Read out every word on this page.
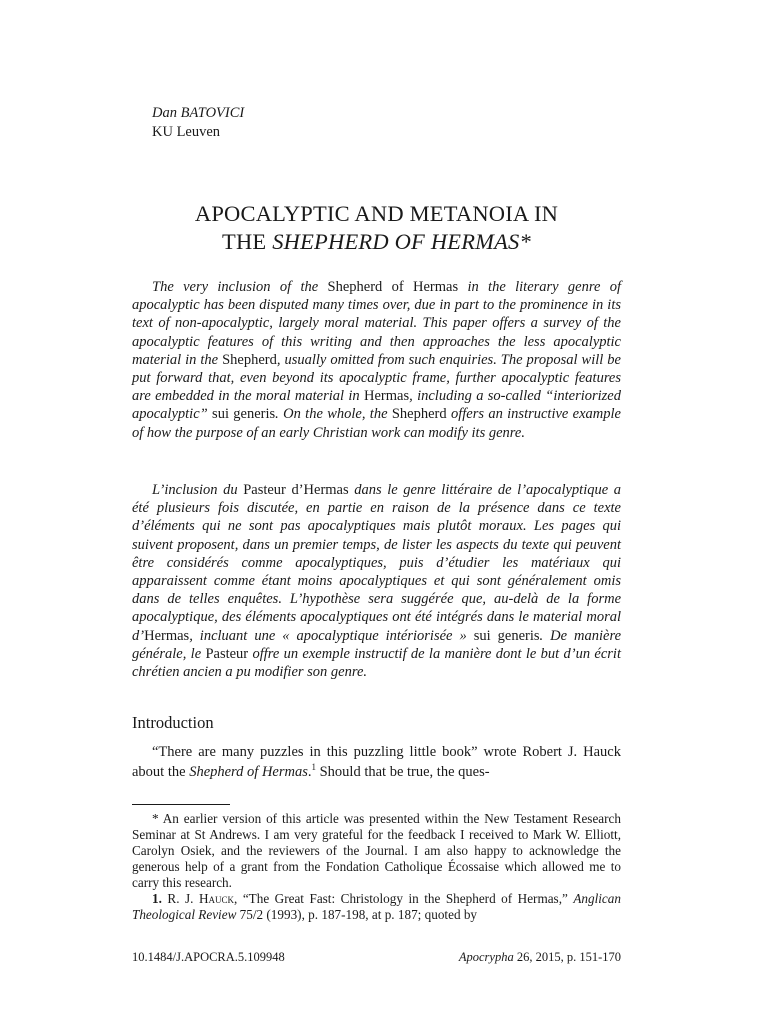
Dan BATOVICI
KU Leuven
APOCALYPTIC AND METANOIA IN
THE SHEPHERD OF HERMAS*

The very inclusion of the Shepherd of Hermas in the literary genre of apocalyptic has been disputed many times over, due in part to the prominence in its text of non-apocalyptic, largely moral material. This paper offers a survey of the apocalyptic features of this writing and then approaches the less apocalyptic material in the Shepherd, usually omitted from such enquiries. The proposal will be put forward that, even beyond its apocalyptic frame, further apocalyptic features are embedded in the moral material in Hermas, including a so-called “interiorized apocalyptic” sui generis. On the whole, the Shepherd offers an instructive example of how the purpose of an early Christian work can modify its genre.

L’inclusion du Pasteur d’Hermas dans le genre littéraire de l’apocalyptique a été plusieurs fois discutée, en partie en raison de la présence dans ce texte d’éléments qui ne sont pas apocalyptiques mais plutôt moraux. Les pages qui suivent proposent, dans un premier temps, de lister les aspects du texte qui peuvent être considérés comme apocalyptiques, puis d’étudier les matériaux qui apparaissent comme étant moins apocalyptiques et qui sont généralement omis dans de telles enquêtes. L’hypothèse sera suggérée que, au-delà de la forme apocalyptique, des éléments apocalyptiques ont été intégrés dans le material moral d’Hermas, incluant une « apocalyptique intériorisée » sui generis. De manière générale, le Pasteur offre un exemple instructif de la manière dont le but d’un écrit chrétien ancien a pu modifier son genre.

Introduction

“There are many puzzles in this puzzling little book” wrote Robert J. Hauck about the Shepherd of Hermas.$^1$ Should that be true, the ques-

* An earlier version of this article was presented within the New Testament Research Seminar at St Andrews. I am very grateful for the feedback I received to Mark W. Elliott, Carolyn Osiek, and the reviewers of the Journal. I am also happy to acknowledge the generous help of a grant from the Fondation Catholique Écossaise which allowed me to carry this research.

1. R. J. Hauck, “The Great Fast: Christology in the Shepherd of Hermas,” Anglican Theological Review 75/2 (1993), p. 187-198, at p. 187; quoted by

10.1484/J.APOCRA.5.109948	Apocrypha 26, 2015, p. 151-170
